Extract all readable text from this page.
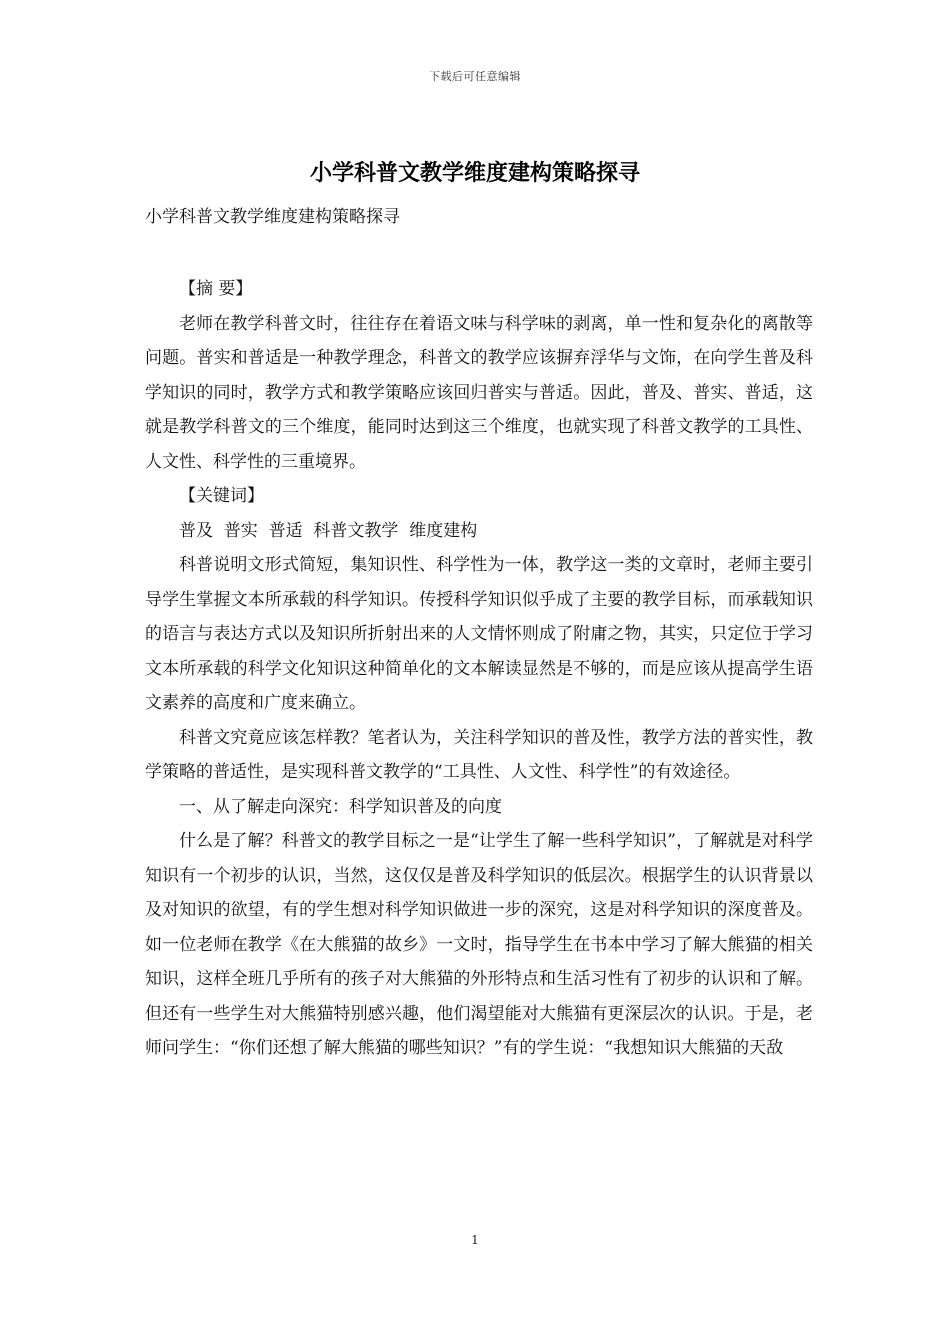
下载后可任意编辑
小学科普文教学维度建构策略探寻
小学科普文教学维度建构策略探寻

【摘 要】

老师在教学科普文时，往往存在着语文味与科学味的剥离，单一性和复杂化的离散等问题。普实和普适是一种教学理念，科普文的教学应该摒弃浮华与文饰，在向学生普及科学知识的同时，教学方式和教学策略应该回归普实与普适。因此，普及、普实、普适，这就是教学科普文的三个维度，能同时达到这三个维度，也就实现了科普文教学的工具性、人文性、科学性的三重境界。

【关键词】

普及  普实  普适  科普文教学  维度建构

科普说明文形式简短，集知识性、科学性为一体，教学这一类的文章时，老师主要引导学生掌握文本所承载的科学知识。传授科学知识似乎成了主要的教学目标，而承载知识的语言与表达方式以及知识所折射出来的人文情怀则成了附庸之物，其实，只定位于学习文本所承载的科学文化知识这种简单化的文本解读显然是不够的，而是应该从提高学生语文素养的高度和广度来确立。

科普文究竟应该怎样教？笔者认为，关注科学知识的普及性，教学方法的普实性，教学策略的普适性，是实现科普文教学的“工具性、人文性、科学性”的有效途径。

一、从了解走向深究：科学知识普及的向度

什么是了解？科普文的教学目标之一是“让学生了解一些科学知识”，了解就是对科学知识有一个初步的认识，当然，这仅仅是普及科学知识的低层次。根据学生的认识背景以及对知识的欲望，有的学生想对科学知识做进一步的深究，这是对科学知识的深度普及。如一位老师在教学《在大熊猫的故乡》一文时，指导学生在书本中学习了解大熊猫的相关知识，这样全班几乎所有的孩子对大熊猫的外形特点和生活习性有了初步的认识和了解。但还有一些学生对大熊猫特别感兴趣，他们渴望能对大熊猫有更深层次的认识。于是，老师问学生：“你们还想了解大熊猫的哪些知识？”有的学生说：“我想知识大熊猫的天敌

1
